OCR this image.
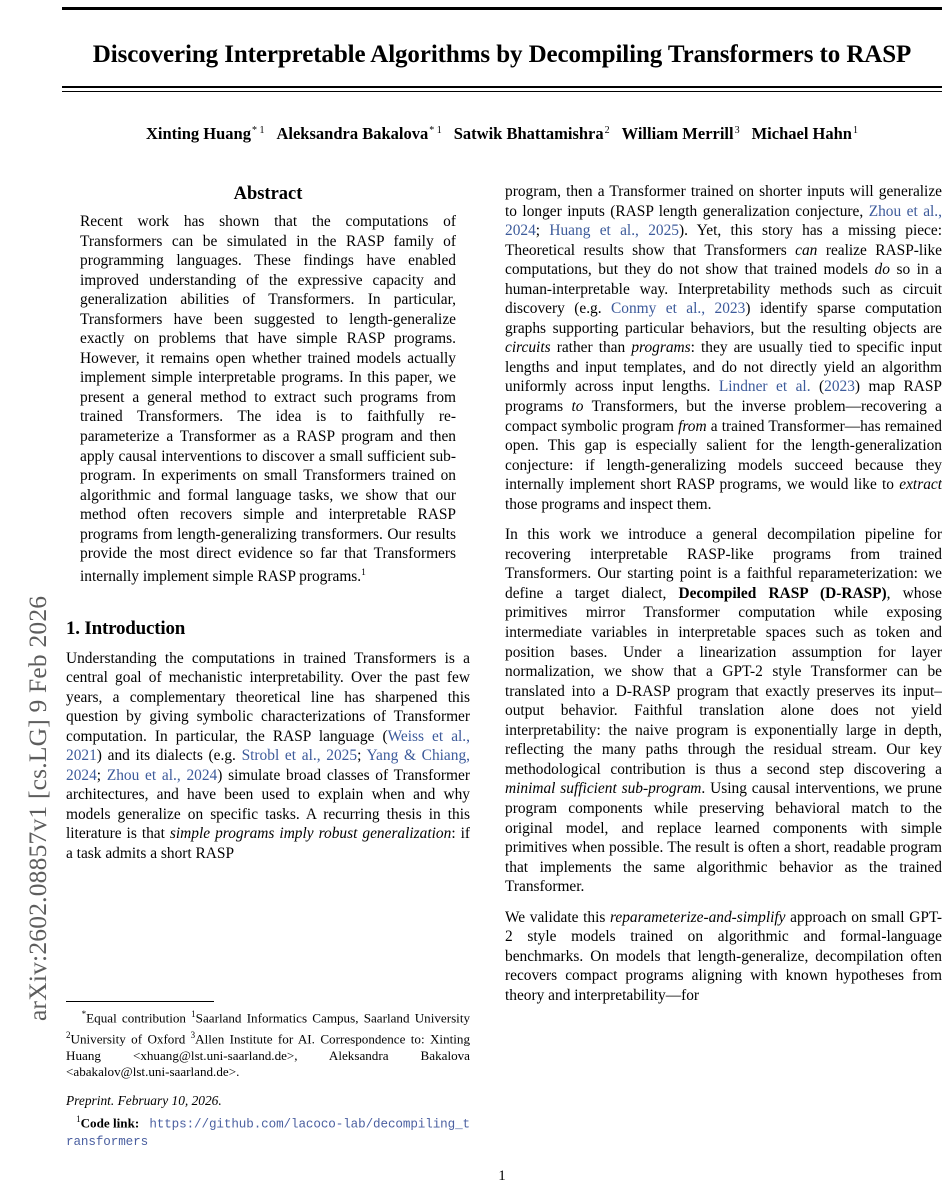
arXiv:2602.08857v1 [cs.LG] 9 Feb 2026
Discovering Interpretable Algorithms by Decompiling Transformers to RASP
Xinting Huang$^{* 1}$ Aleksandra Bakalova$^{* 1}$ Satwik Bhattamishra$^2$ William Merrill$^3$ Michael Hahn$^1$
Abstract

Recent work has shown that the computations of Transformers can be simulated in the RASP family of programming languages. These findings have enabled improved understanding of the expressive capacity and generalization abilities of Transformers. In particular, Transformers have been suggested to length-generalize exactly on problems that have simple RASP programs. However, it remains open whether trained models actually implement simple interpretable programs. In this paper, we present a general method to extract such programs from trained Transformers. The idea is to faithfully re-parameterize a Transformer as a RASP program and then apply causal interventions to discover a small sufficient sub-program. In experiments on small Transformers trained on algorithmic and formal language tasks, we show that our method often recovers simple and interpretable RASP programs from length-generalizing transformers. Our results provide the most direct evidence so far that Transformers internally implement simple RASP programs.$^1$

1. Introduction

Understanding the computations in trained Transformers is a central goal of mechanistic interpretability. Over the past few years, a complementary theoretical line has sharpened this question by giving symbolic characterizations of Transformer computation. In particular, the RASP language (Weiss et al., 2021) and its dialects (e.g. Strobl et al., 2025; Yang & Chiang, 2024; Zhou et al., 2024) simulate broad classes of Transformer architectures, and have been used to explain when and why models generalize on specific tasks. A recurring thesis in this literature is that simple programs imply robust generalization: if a task admits a short RASP

*Equal contribution $^1$Saarland Informatics Campus, Saarland University $^2$University of Oxford $^3$Allen Institute for AI. Correspondence to: Xinting Huang <xhuang@lst.uni-saarland.de>, Aleksandra Bakalova <abakalov@lst.uni-saarland.de>.

Preprint. February 10, 2026.

$^1$Code link: https://github.com/lacoco-lab/decompiling_transformers

program, then a Transformer trained on shorter inputs will generalize to longer inputs (RASP length generalization conjecture, Zhou et al., 2024; Huang et al., 2025). Yet, this story has a missing piece: Theoretical results show that Transformers can realize RASP-like computations, but they do not show that trained models do so in a human-interpretable way. Interpretability methods such as circuit discovery (e.g. Conmy et al., 2023) identify sparse computation graphs supporting particular behaviors, but the resulting objects are circuits rather than programs: they are usually tied to specific input lengths and input templates, and do not directly yield an algorithm uniformly across input lengths. Lindner et al. (2023) map RASP programs to Transformers, but the inverse problem—recovering a compact symbolic program from a trained Transformer—has remained open. This gap is especially salient for the length-generalization conjecture: if length-generalizing models succeed because they internally implement short RASP programs, we would like to extract those programs and inspect them.

In this work we introduce a general decompilation pipeline for recovering interpretable RASP-like programs from trained Transformers. Our starting point is a faithful reparameterization: we define a target dialect, Decompiled RASP (D-RASP), whose primitives mirror Transformer computation while exposing intermediate variables in interpretable spaces such as token and position bases. Under a linearization assumption for layer normalization, we show that a GPT-2 style Transformer can be translated into a D-RASP program that exactly preserves its input–output behavior. Faithful translation alone does not yield interpretability: the naive program is exponentially large in depth, reflecting the many paths through the residual stream. Our key methodological contribution is thus a second step discovering a minimal sufficient sub-program. Using causal interventions, we prune program components while preserving behavioral match to the original model, and replace learned components with simple primitives when possible. The result is often a short, readable program that implements the same algorithmic behavior as the trained Transformer.

We validate this reparameterize-and-simplify approach on small GPT-2 style models trained on algorithmic and formal-language benchmarks. On models that length-generalize, decompilation often recovers compact programs aligning with known hypotheses from theory and interpretability—for

1
